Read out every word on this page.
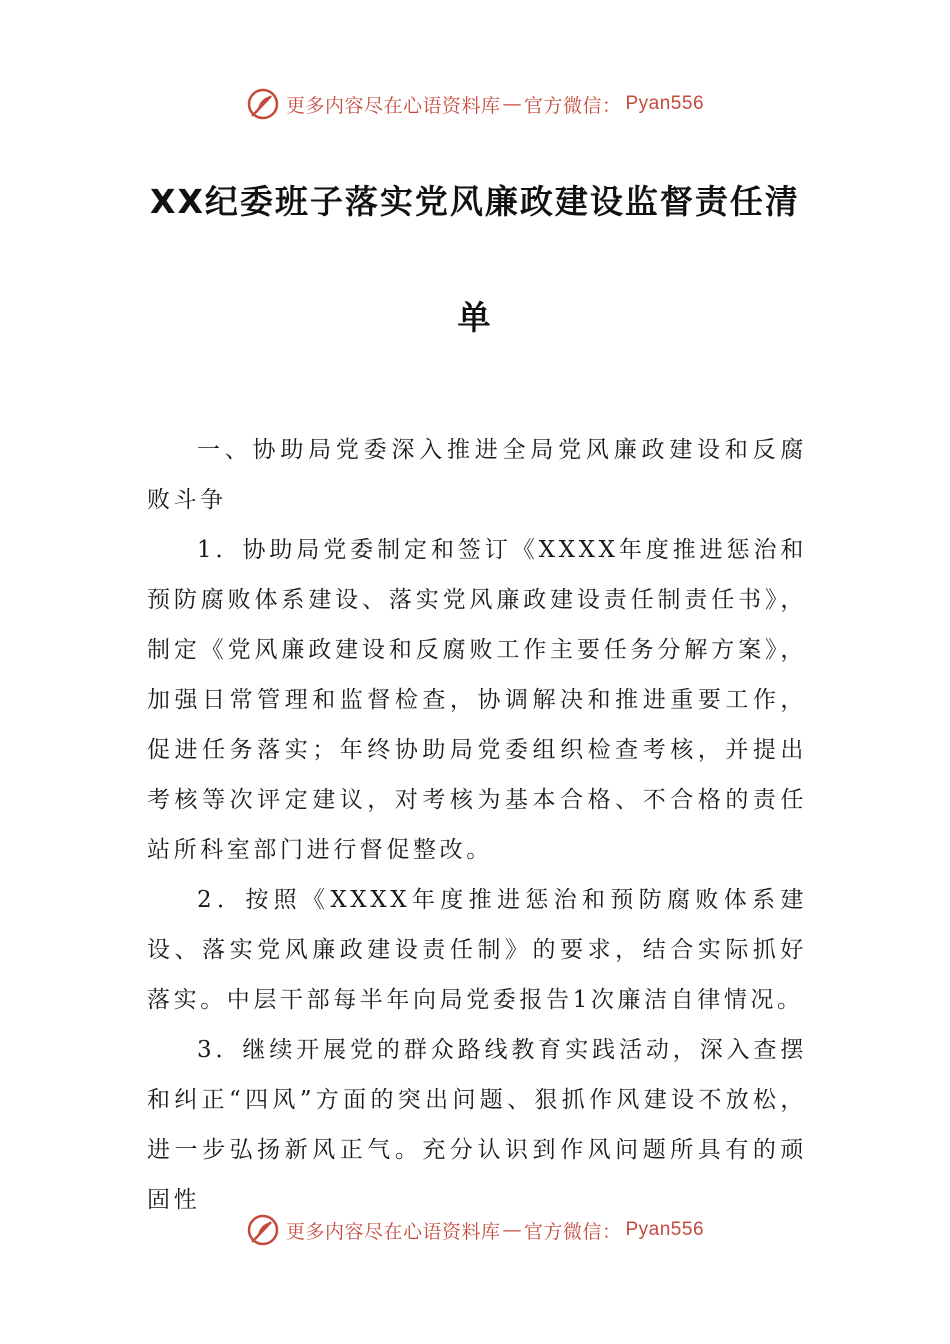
更多内容尽在心语资料库 — 官方微信： Pyan556
XX纪委班子落实党风廉政建设监督责任清
单

一、协助局党委深入推进全局党风廉政建设和反腐败斗争

1．协助局党委制定和签订《XXXX年度推进惩治和预防腐败体系建设、落实党风廉政建设责任制责任书》，制定《党风廉政建设和反腐败工作主要任务分解方案》，加强日常管理和监督检查，协调解决和推进重要工作，促进任务落实；年终协助局党委组织检查考核，并提出考核等次评定建议，对考核为基本合格、不合格的责任站所科室部门进行督促整改。

2．按照《XXXX年度推进惩治和预防腐败体系建设、落实党风廉政建设责任制》的要求，结合实际抓好落实。中层干部每半年向局党委报告1次廉洁自律情况。

3．继续开展党的群众路线教育实践活动，深入查摆和纠正“四风”方面的突出问题、狠抓作风建设不放松，进一步弘扬新风正气。充分认识到作风问题所具有的顽固性

更多内容尽在心语资料库 — 官方微信： Pyan556
